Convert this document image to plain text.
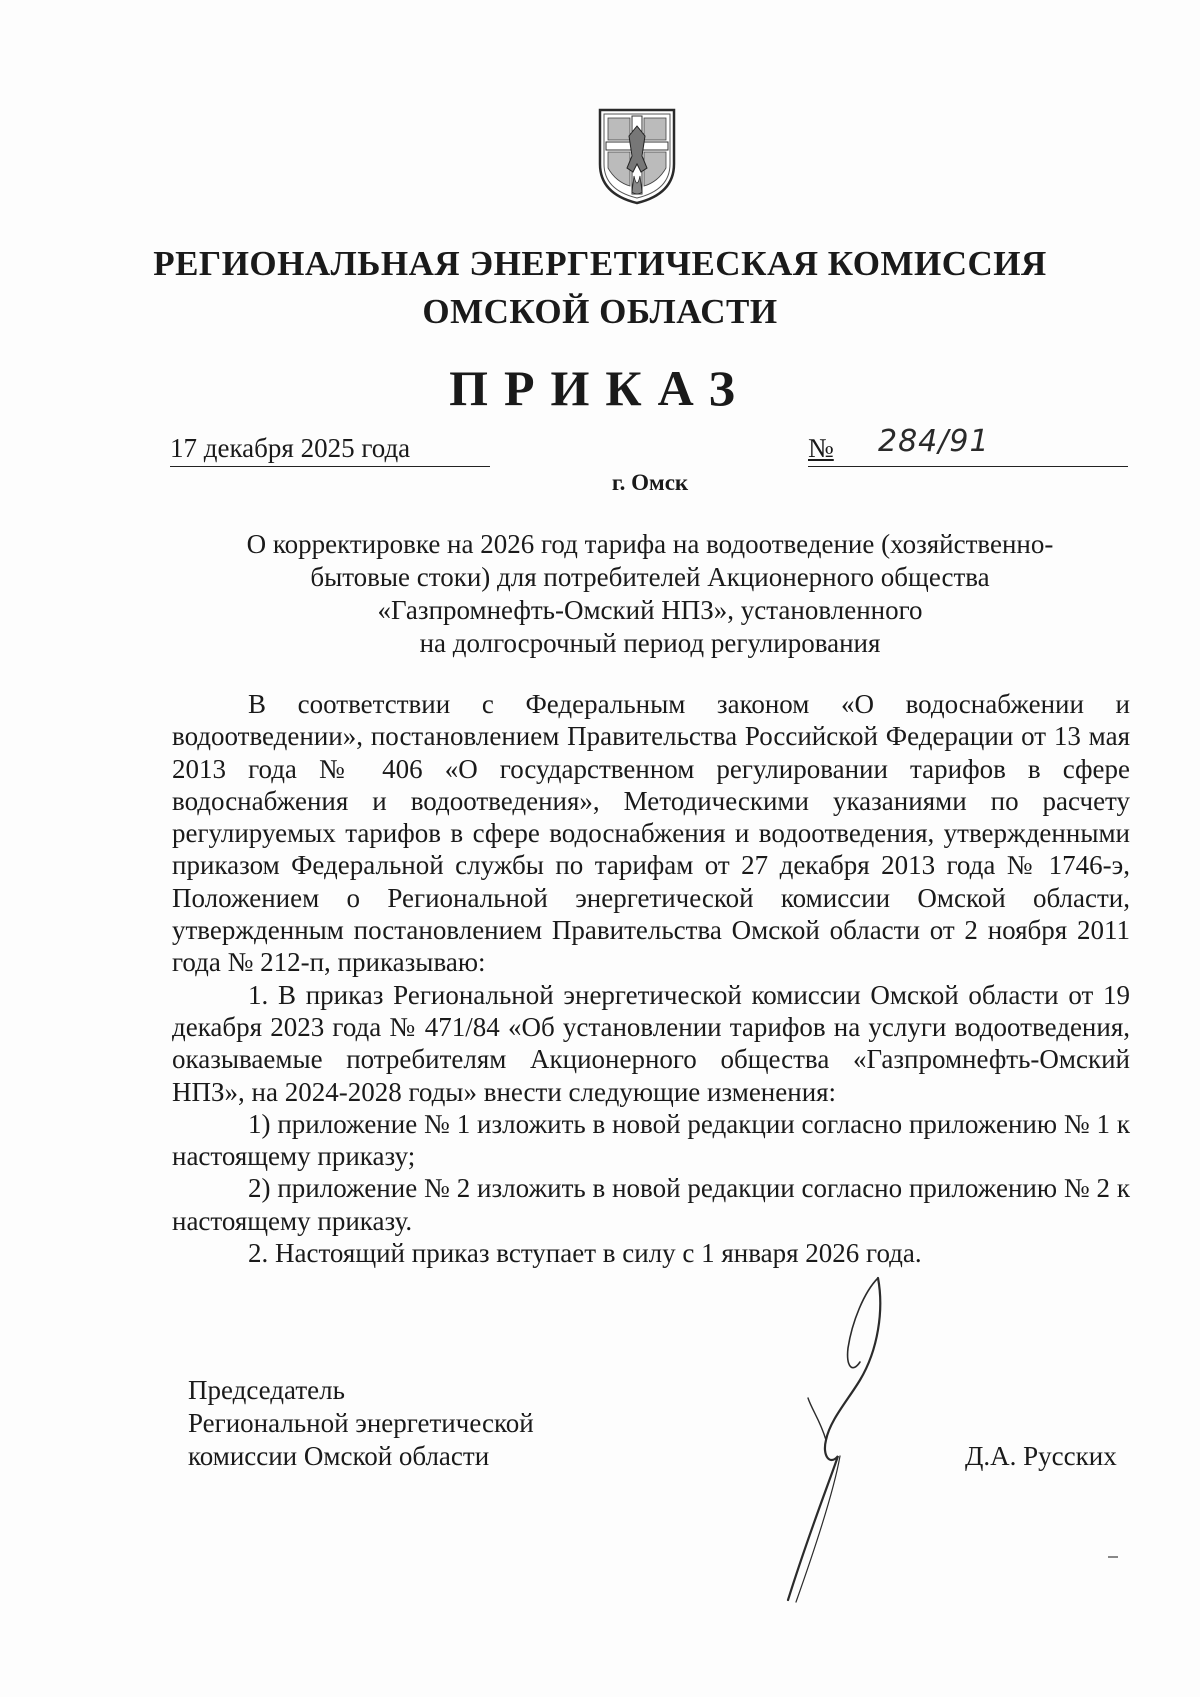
РЕГИОНАЛЬНАЯ ЭНЕРГЕТИЧЕСКАЯ КОМИССИЯ
ОМСКОЙ ОБЛАСТИ
ПРИКАЗ
17 декабря 2025 года	№ 284/91
г. Омск
О корректировке на 2026 год тарифа на водоотведение (хозяйственно-
бытовые стоки) для потребителей Акционерного общества
«Газпромнефть-Омский НПЗ», установленного
на долгосрочный период регулирования

В соответствии с Федеральным законом «О водоснабжении и водоотведении», постановлением Правительства Российской Федерации от 13 мая 2013 года № 406 «О государственном регулировании тарифов в сфере водоснабжения и водоотведения», Методическими указаниями по расчету регулируемых тарифов в сфере водоснабжения и водоотведения, утвержденными приказом Федеральной службы по тарифам от 27 декабря 2013 года № 1746-э, Положением о Региональной энергетической комиссии Омской области, утвержденным постановлением Правительства Омской области от 2 ноября 2011 года № 212-п, приказываю:

1. В приказ Региональной энергетической комиссии Омской области от 19 декабря 2023 года № 471/84 «Об установлении тарифов на услуги водоотведения, оказываемые потребителям Акционерного общества «Газпромнефть-Омский НПЗ», на 2024-2028 годы» внести следующие изменения:

1) приложение № 1 изложить в новой редакции согласно приложению № 1 к настоящему приказу;

2) приложение № 2 изложить в новой редакции согласно приложению № 2 к настоящему приказу.

2. Настоящий приказ вступает в силу с 1 января 2026 года.

Председатель
Региональной энергетической
комиссии Омской области	Д.А. Русских
